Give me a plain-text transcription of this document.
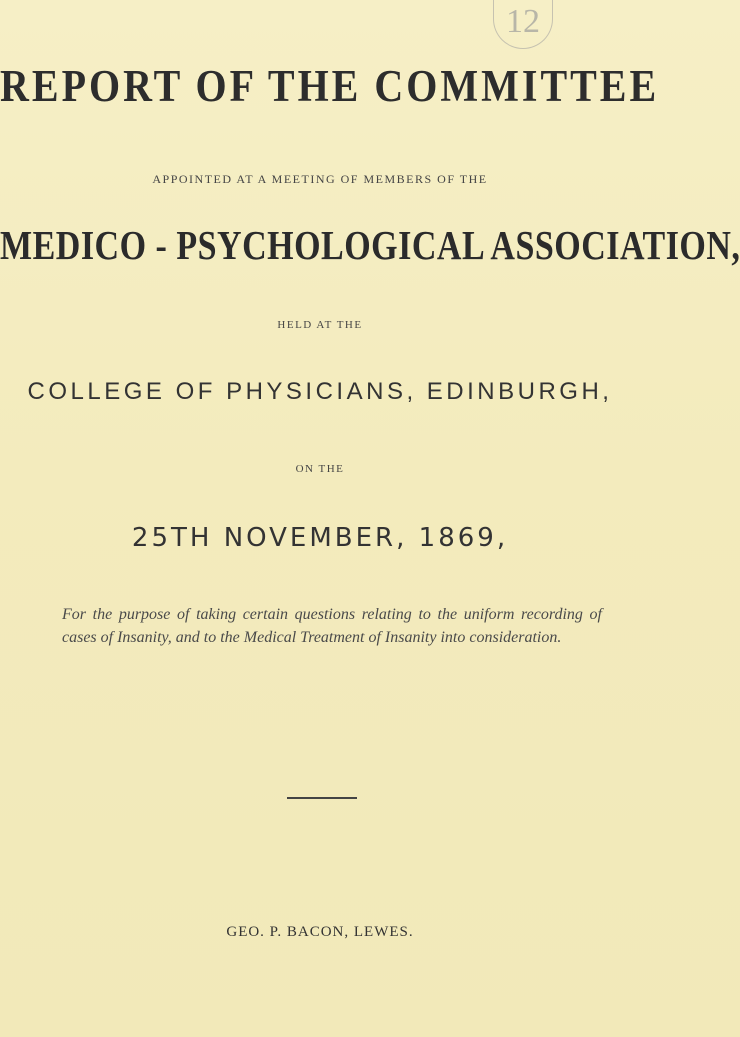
12
REPORT OF THE COMMITTEE
APPOINTED AT A MEETING OF MEMBERS OF THE
MEDICO - PSYCHOLOGICAL ASSOCIATION,
HELD AT THE
COLLEGE OF PHYSICIANS, EDINBURGH,
ON THE
25TH NOVEMBER, 1869,
For the purpose of taking certain questions relating to the uniform recording of cases of Insanity, and to the Medical Treatment of Insanity into consideration.
GEO. P. BACON, LEWES.
